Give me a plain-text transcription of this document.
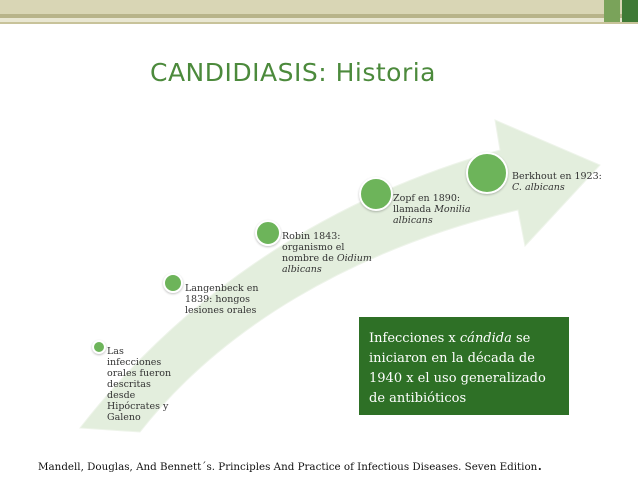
CANDIDIASIS: Historia
Las
infecciones
orales fueron
descritas
desde
Hipócrates y
Galeno
Langenbeck en
1839: hongos
lesiones orales
Robin 1843:
organismo el
nombre de Oidium
albicans
Zopf en 1890:
llamada Monilia
albicans
Berkhout en 1923:
C. albicans
Infecciones x cándida se
iniciaron en la década de
1940 x el uso generalizado
de antibióticos

Mandell, Douglas, And Bennett´s. Principles And Practice of Infectious Diseases. Seven Edition.
